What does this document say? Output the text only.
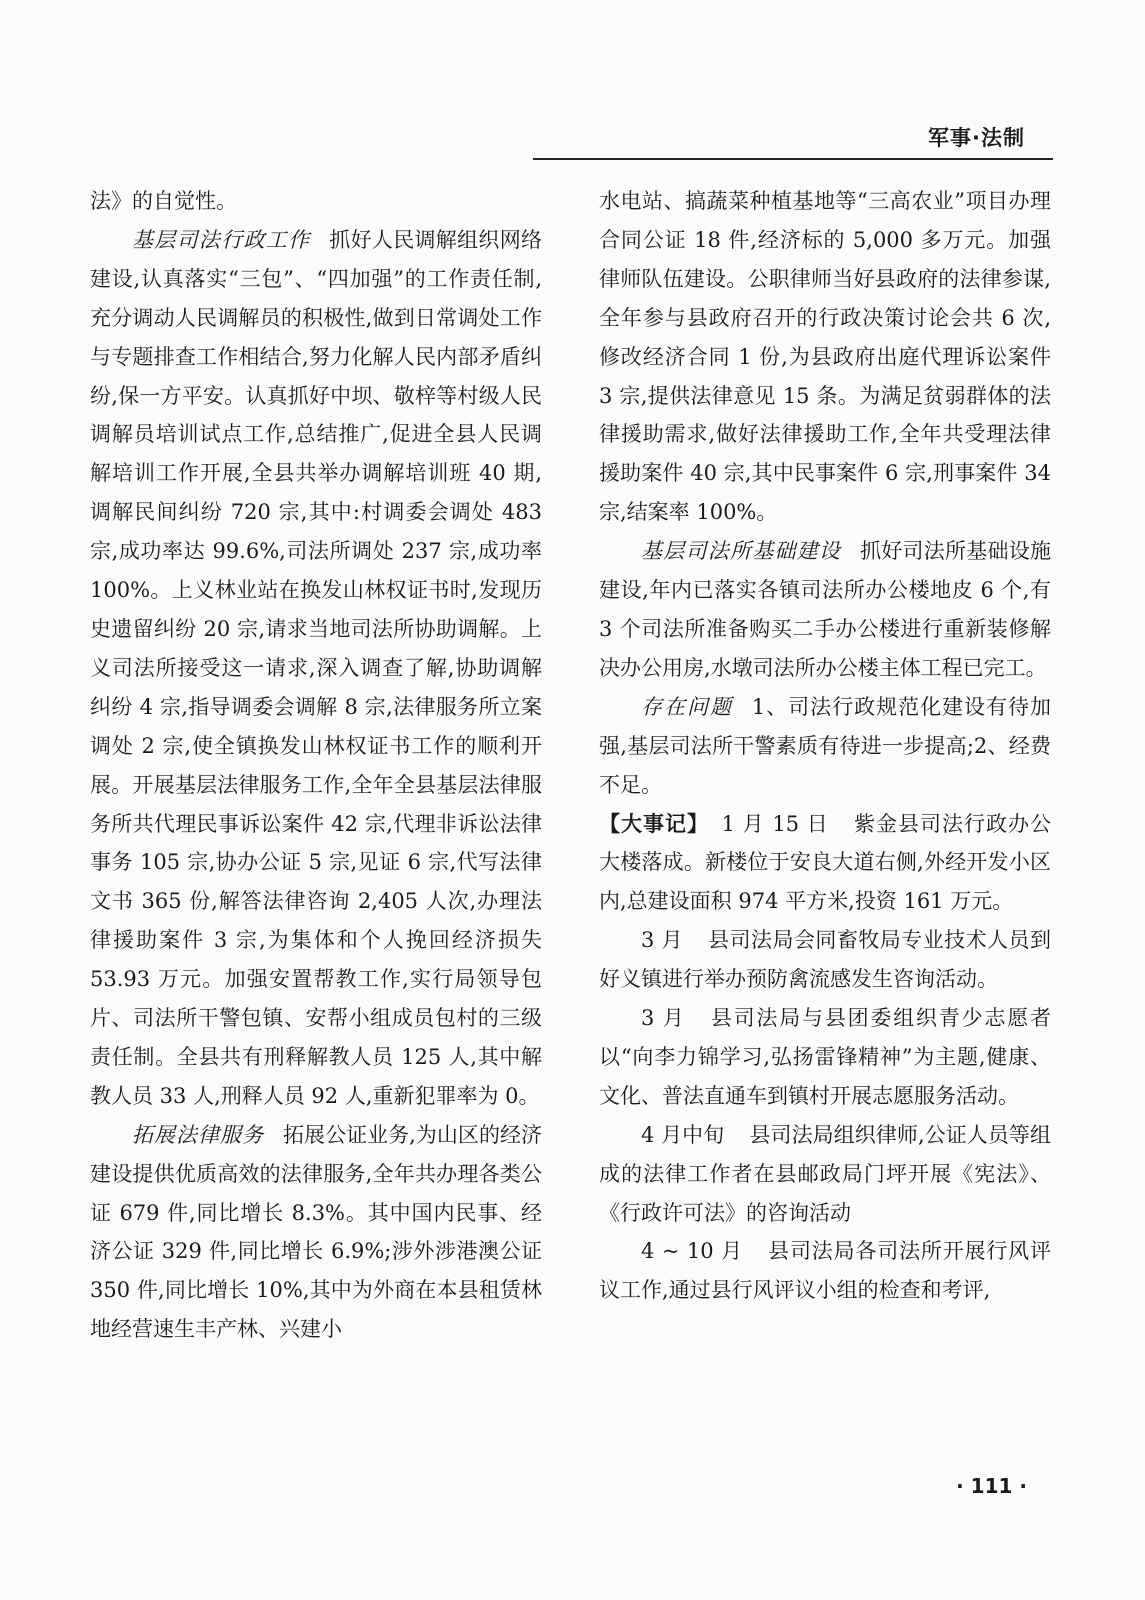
军事·法制

法》的自觉性。

基层司法行政工作 抓好人民调解组织网络建设,认真落实“三包”、“四加强”的工作责任制,充分调动人民调解员的积极性,做到日常调处工作与专题排查工作相结合,努力化解人民内部矛盾纠纷,保一方平安。认真抓好中坝、敬梓等村级人民调解员培训试点工作,总结推广,促进全县人民调解培训工作开展,全县共举办调解培训班 40 期,调解民间纠纷 720 宗,其中:村调委会调处 483 宗,成功率达 99.6%,司法所调处 237 宗,成功率 100%。上义林业站在换发山林权证书时,发现历史遗留纠纷 20 宗,请求当地司法所协助调解。上义司法所接受这一请求,深入调查了解,协助调解纠纷 4 宗,指导调委会调解 8 宗,法律服务所立案调处 2 宗,使全镇换发山林权证书工作的顺利开展。开展基层法律服务工作,全年全县基层法律服务所共代理民事诉讼案件 42 宗,代理非诉讼法律事务 105 宗,协办公证 5 宗,见证 6 宗,代写法律文书 365 份,解答法律咨询 2,405 人次,办理法律援助案件 3 宗,为集体和个人挽回经济损失 53.93 万元。加强安置帮教工作,实行局领导包片、司法所干警包镇、安帮小组成员包村的三级责任制。全县共有刑释解教人员 125 人,其中解教人员 33 人,刑释人员 92 人,重新犯罪率为 0。

拓展法律服务 拓展公证业务,为山区的经济建设提供优质高效的法律服务,全年共办理各类公证 679 件,同比增长 8.3%。其中国内民事、经济公证 329 件,同比增长 6.9%;涉外涉港澳公证 350 件,同比增长 10%,其中为外商在本县租赁林地经营速生丰产林、兴建小

水电站、搞蔬菜种植基地等“三高农业”项目办理合同公证 18 件,经济标的 5,000 多万元。加强律师队伍建设。公职律师当好县政府的法律参谋,全年参与县政府召开的行政决策讨论会共 6 次,修改经济合同 1 份,为县政府出庭代理诉讼案件 3 宗,提供法律意见 15 条。为满足贫弱群体的法律援助需求,做好法律援助工作,全年共受理法律援助案件 40 宗,其中民事案件 6 宗,刑事案件 34 宗,结案率 100%。

基层司法所基础建设 抓好司法所基础设施建设,年内已落实各镇司法所办公楼地皮 6 个,有 3 个司法所准备购买二手办公楼进行重新装修解决办公用房,水墩司法所办公楼主体工程已完工。

存在问题 1、司法行政规范化建设有待加强,基层司法所干警素质有待进一步提高;2、经费不足。

【大事记】 1 月 15 日 紫金县司法行政办公大楼落成。新楼位于安良大道右侧,外经开发小区内,总建设面积 974 平方米,投资 161 万元。

3 月 县司法局会同畜牧局专业技术人员到好义镇进行举办预防禽流感发生咨询活动。

3 月 县司法局与县团委组织青少志愿者以“向李力锦学习,弘扬雷锋精神”为主题,健康、文化、普法直通车到镇村开展志愿服务活动。

4 月中旬 县司法局组织律师,公证人员等组成的法律工作者在县邮政局门坪开展《宪法》、《行政许可法》的咨询活动

4 ~ 10 月 县司法局各司法所开展行风评议工作,通过县行风评议小组的检查和考评,

· 111 ·
